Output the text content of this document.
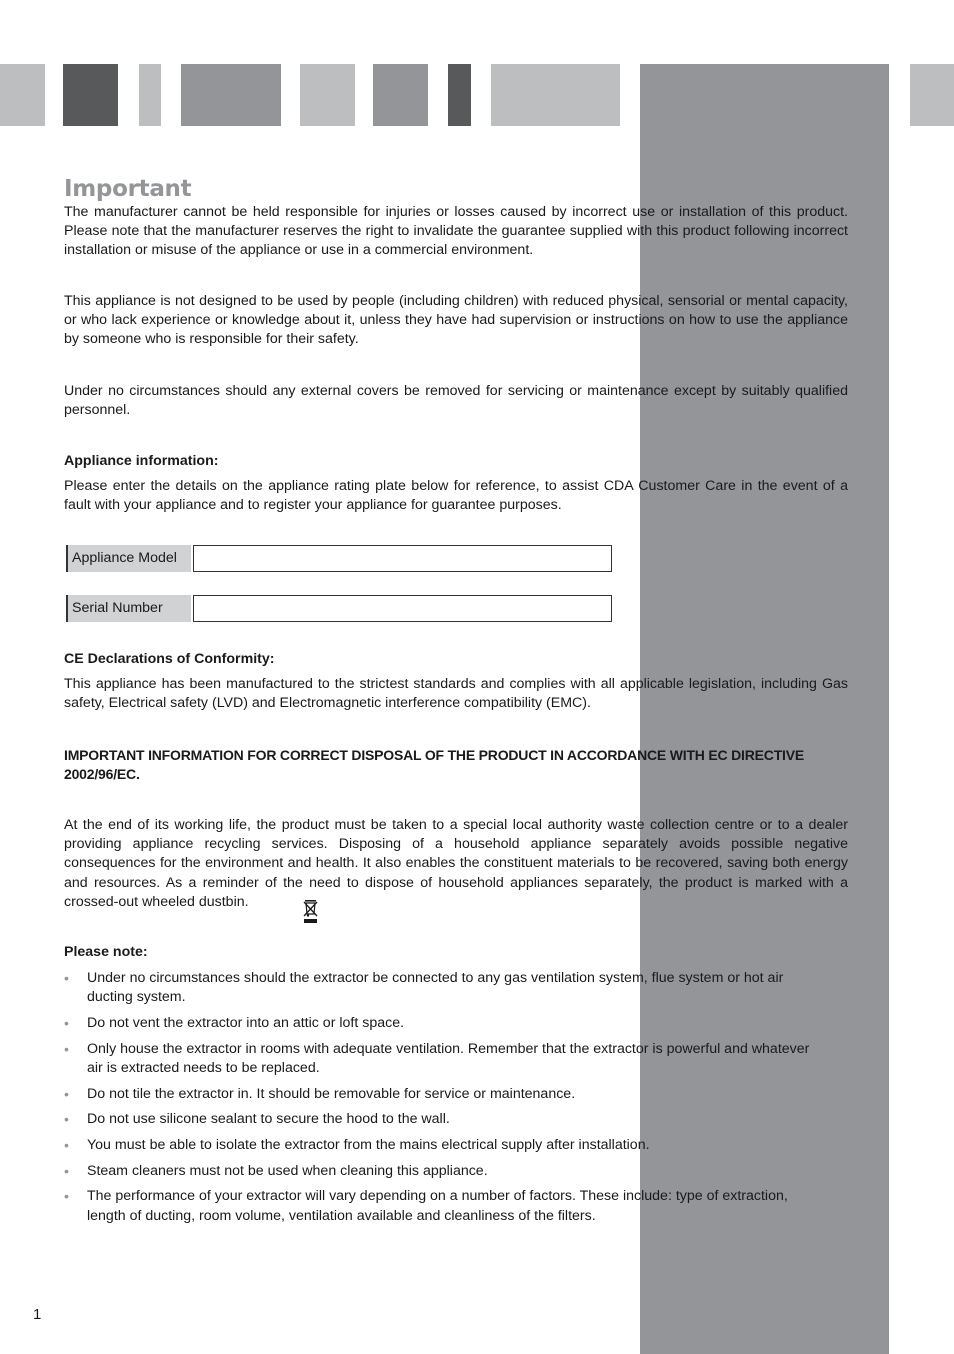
Important

The manufacturer cannot be held responsible for injuries or losses caused by incorrect use or installation of this product. Please note that the manufacturer reserves the right to invalidate the guarantee supplied with this product following incorrect installation or misuse of the appliance or use in a commercial environment.

This appliance is not designed to be used by people (including children) with reduced physical, sensorial or mental capacity, or who lack experience or knowledge about it, unless they have had supervision or instructions on how to use the appliance by someone who is responsible for their safety.

Under no circumstances should any external covers be removed for servicing or maintenance except by suitably qualified personnel.

Appliance information:

Please enter the details on the appliance rating plate below for reference, to assist CDA Customer Care in the event of a fault with your appliance and to register your appliance for guarantee purposes.

Appliance Model
Serial Number

CE Declarations of Conformity:

This appliance has been manufactured to the strictest standards and complies with all applicable legislation, including Gas safety, Electrical safety (LVD) and Electromagnetic interference compatibility (EMC).

IMPORTANT INFORMATION FOR CORRECT DISPOSAL OF THE PRODUCT IN ACCORDANCE WITH EC DIRECTIVE 2002/96/EC.

At the end of its working life, the product must be taken to a special local authority waste collection centre or to a dealer providing appliance recycling services. Disposing of a household appliance separately avoids possible negative consequences for the environment and health. It also enables the constituent materials to be recovered, saving both energy and resources. As a reminder of the need to dispose of household appliances separately, the product is marked with a crossed-out wheeled dustbin.

Please note:

• Under no circumstances should the extractor be connected to any gas ventilation system, flue system or hot air ducting system.
• Do not vent the extractor into an attic or loft space.
• Only house the extractor in rooms with adequate ventilation. Remember that the extractor is powerful and whatever air is extracted needs to be replaced.
• Do not tile the extractor in. It should be removable for service or maintenance.
• Do not use silicone sealant to secure the hood to the wall.
• You must be able to isolate the extractor from the mains electrical supply after installation.
• Steam cleaners must not be used when cleaning this appliance.
• The performance of your extractor will vary depending on a number of factors. These include: type of extraction, length of ducting, room volume, ventilation available and cleanliness of the filters.
1
